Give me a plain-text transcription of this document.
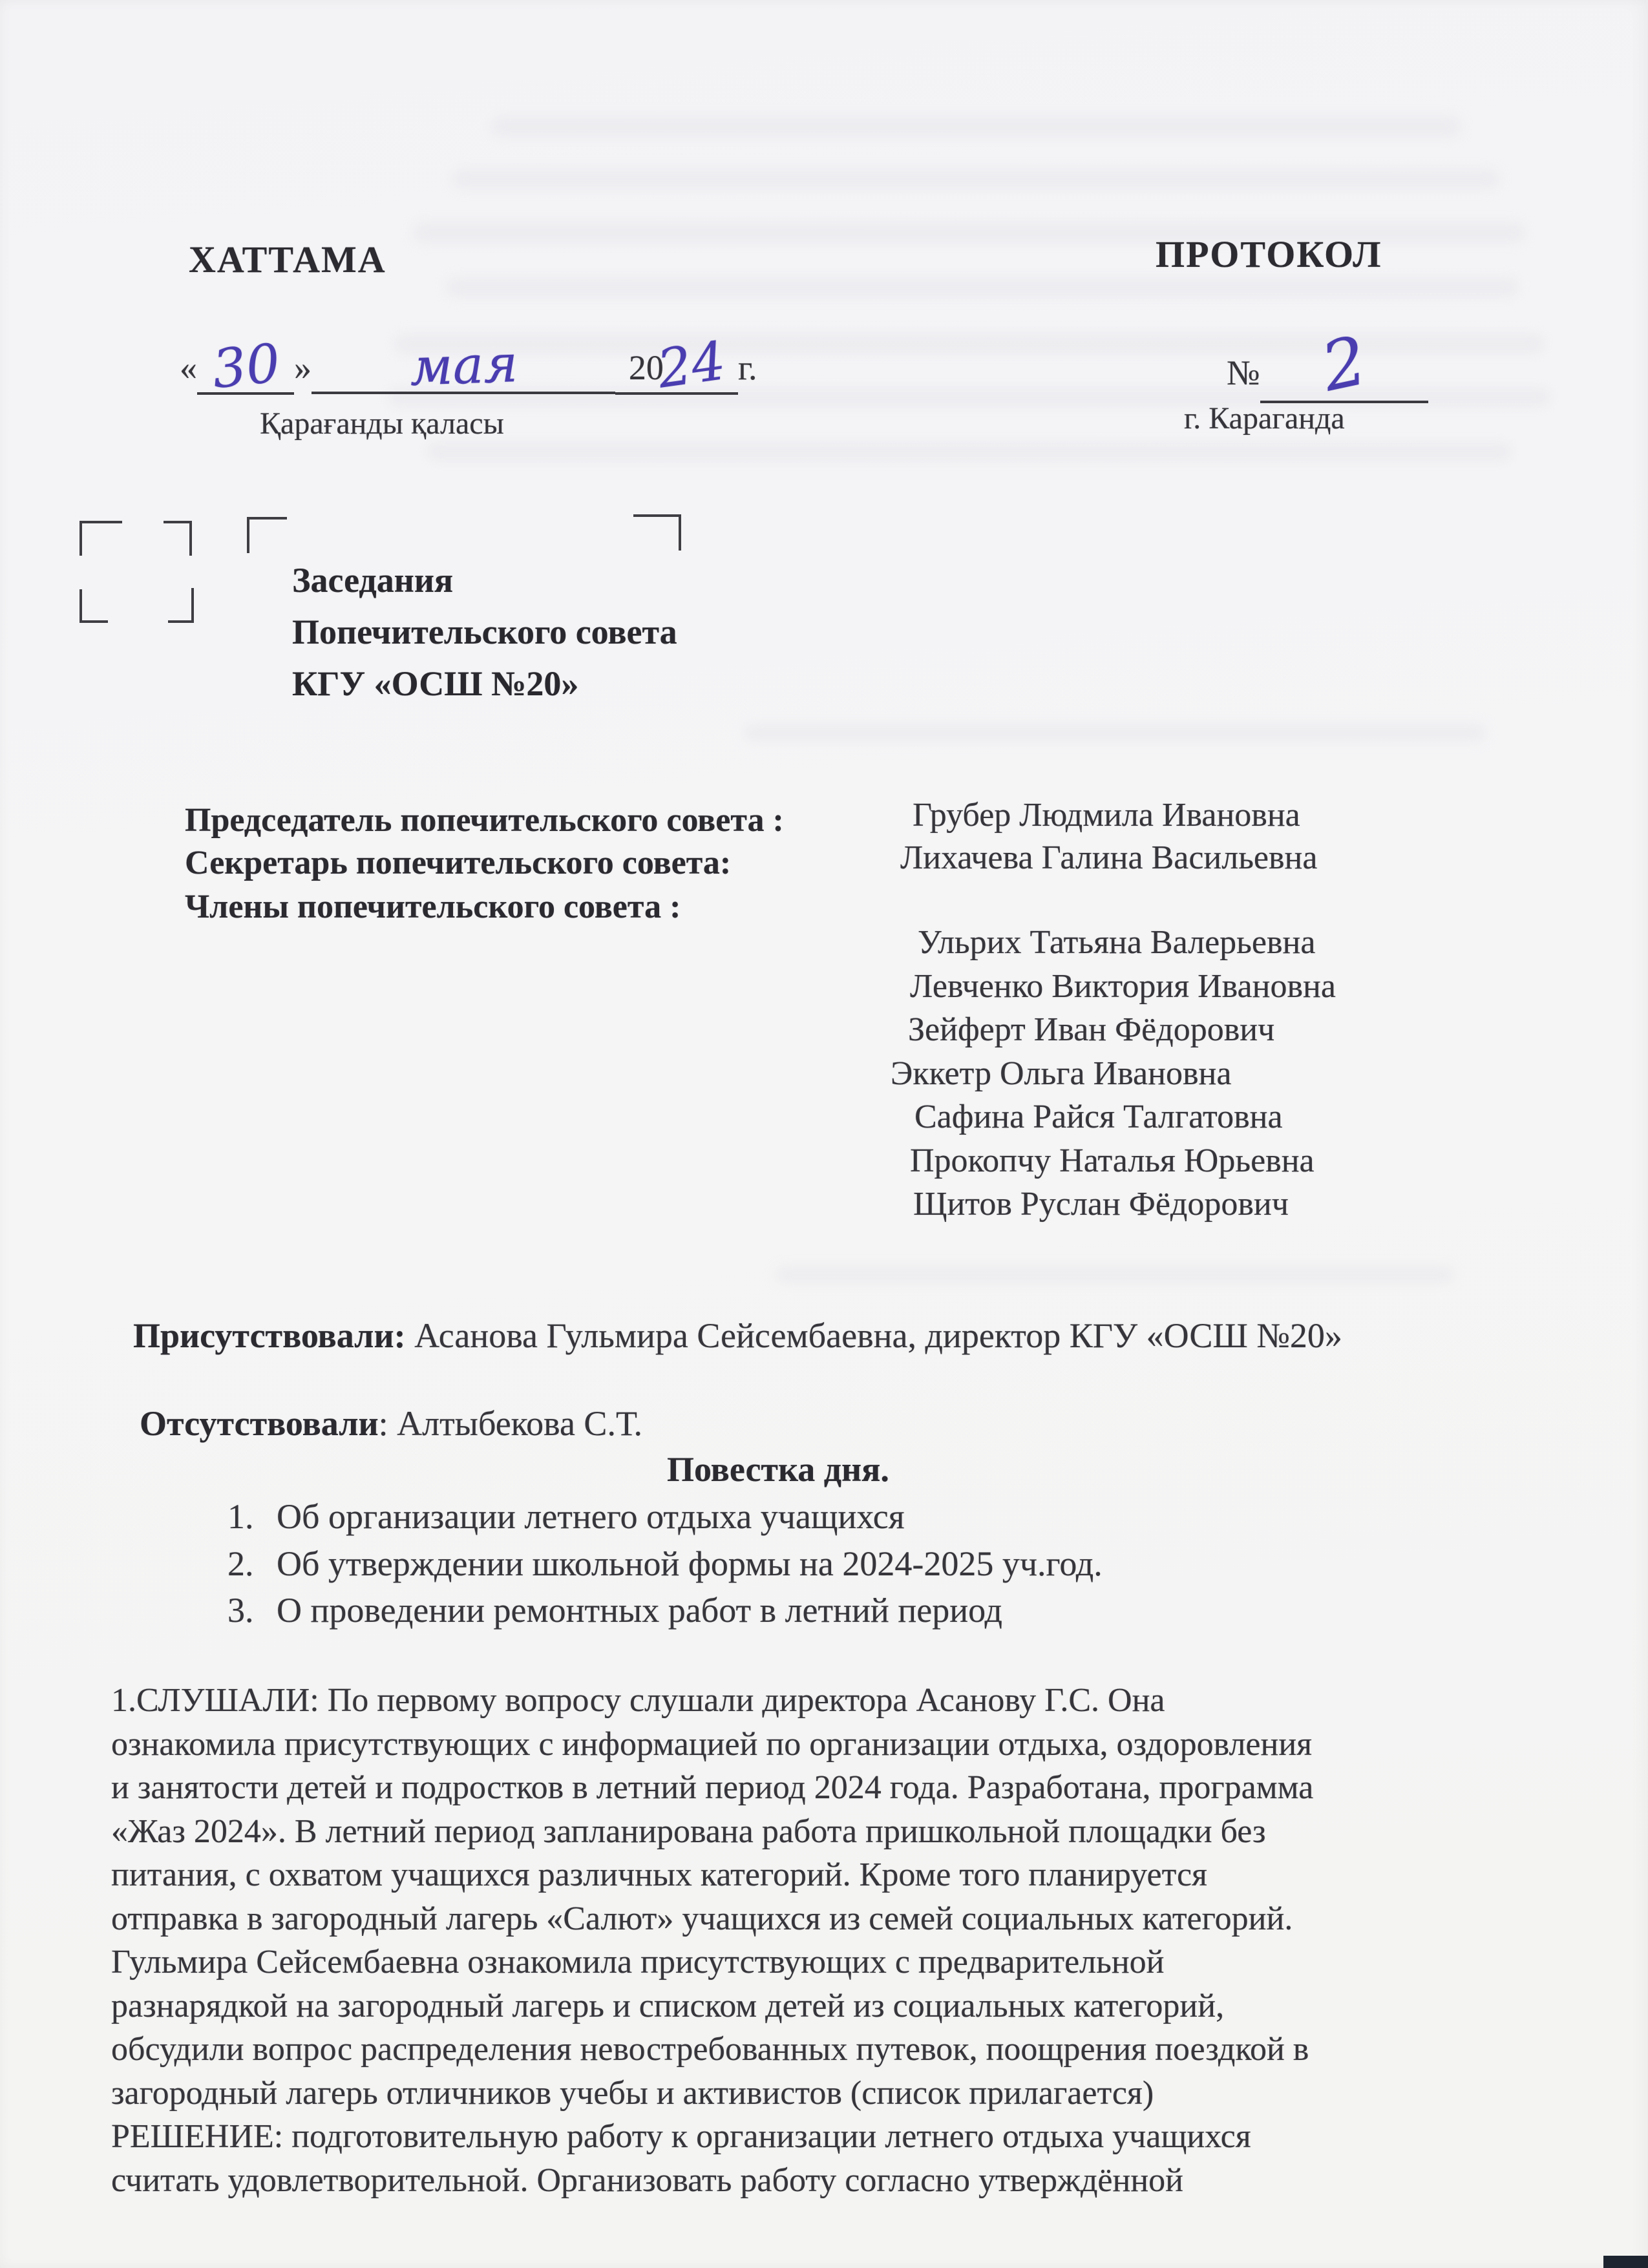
ХАТТАМА
« 30 » мая	2024 г.
Қарағанды қаласы
ПРОТОКОЛ
№ 2
г. Караганда
Заседания
Попечительского совета
КГУ «ОСШ №20»
Председатель попечительского совета :
Секретарь попечительского совета:
Члены попечительского совета :
Грубер Людмила Ивановна
Лихачева Галина Васильевна
Ульрих Татьяна Валерьевна
Левченко Виктория Ивановна
Зейферт Иван Фёдорович
Эккетр Ольга Ивановна
Сафина Райся Талгатовна
Прокопчу Наталья Юрьевна
Щитов Руслан Фёдорович
Присутствовали: Асанова Гульмира Сейсембаевна, директор КГУ «ОСШ №20»
Отсутствовали: Алтыбекова С.Т.
Повестка дня.
1. Об организации летнего отдыха учащихся
2. Об утверждении школьной формы на 2024-2025 уч.год.
3. О проведении ремонтных работ в летний период
1.СЛУШАЛИ: По первому вопросу слушали директора Асанову Г.С. Она
ознакомила присутствующих с информацией по организации отдыха, оздоровления
и занятости детей и подростков в летний период 2024 года. Разработана, программа
«Жаз 2024». В летний период запланирована работа пришкольной площадки без
питания, с охватом учащихся различных категорий. Кроме того планируется
отправка в загородный лагерь «Салют» учащихся из семей социальных категорий.
Гульмира Сейсембаевна ознакомила присутствующих с предварительной
разнарядкой на загородный лагерь и списком детей из социальных категорий,
обсудили вопрос распределения невостребованных путевок, поощрения поездкой в
загородный лагерь отличников учебы и активистов (список прилагается)
РЕШЕНИЕ: подготовительную работу к организации летнего отдыха учащихся
считать удовлетворительной. Организовать работу согласно утверждённой
